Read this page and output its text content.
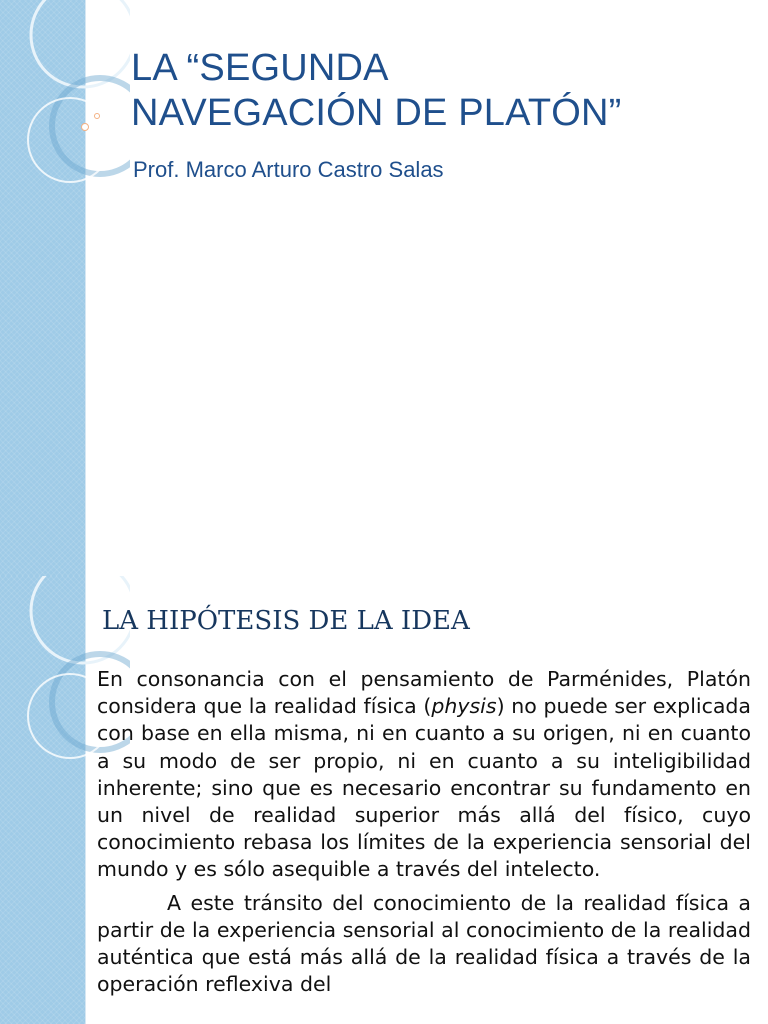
LA “SEGUNDA
NAVEGACIÓN DE PLATÓN”

Prof. Marco Arturo Castro Salas

LA HIPÓTESIS DE LA IDEA

En consonancia con el pensamiento de Parménides, Platón considera que la realidad física (physis) no puede ser explicada con base en ella misma, ni en cuanto a su origen, ni en cuanto a su modo de ser propio, ni en cuanto a su inteligibilidad inherente; sino que es necesario encontrar su fundamento en un nivel de realidad superior más allá del físico, cuyo conocimiento rebasa los límites de la experiencia sensorial del mundo y es sólo asequible a través del intelecto.

A este tránsito del conocimiento de la realidad física a partir de la experiencia sensorial al conocimiento de la realidad auténtica que está más allá de la realidad física a través de la operación reflexiva del
